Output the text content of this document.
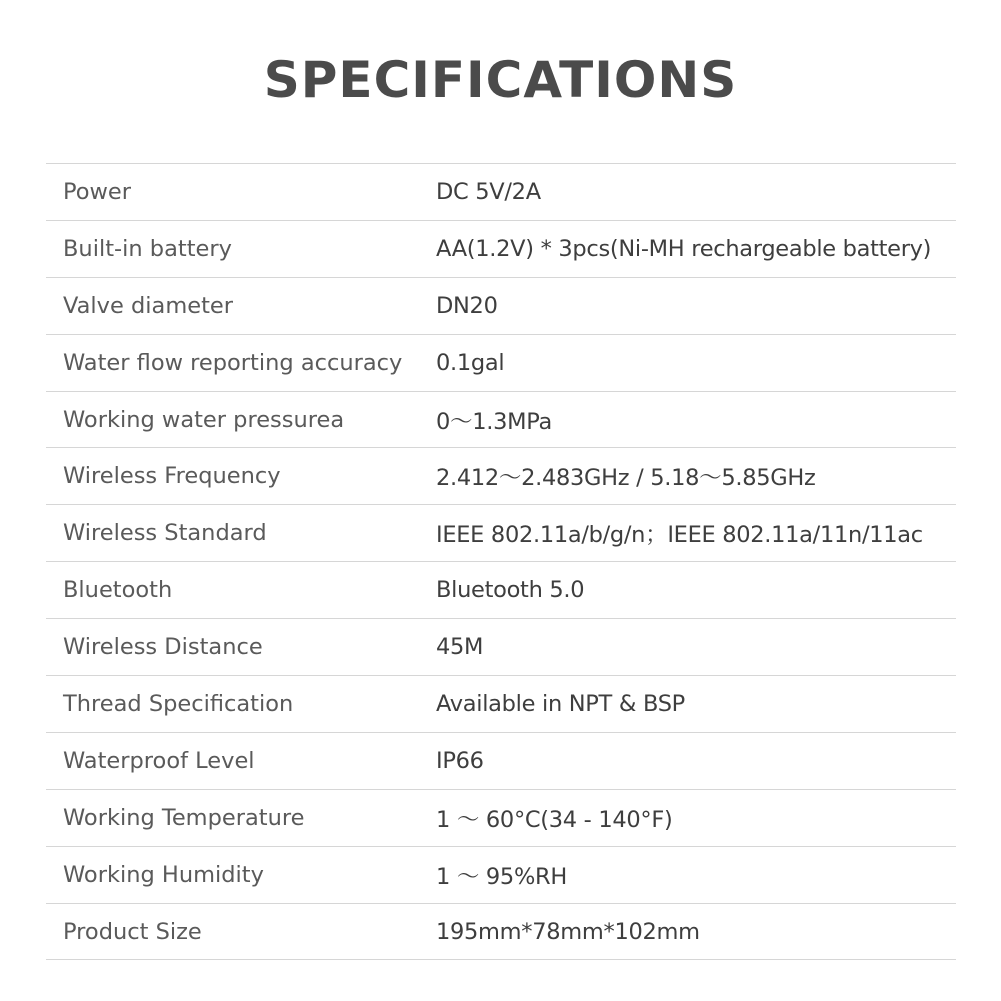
SPECIFICATIONS
Power	DC 5V/2A
Built-in battery	AA(1.2V) * 3pcs(Ni-MH rechargeable battery)
Valve diameter	DN20
Water flow reporting accuracy	0.1gal
Working water pressurea	0～1.3MPa
Wireless Frequency	2.412～2.483GHz / 5.18～5.85GHz
Wireless Standard	IEEE 802.11a/b/g/n；IEEE 802.11a/11n/11ac
Bluetooth	Bluetooth 5.0
Wireless Distance	45M
Thread Specification	Available in NPT & BSP
Waterproof Level	IP66
Working Temperature	1 ～ 60°C(34 - 140°F)
Working Humidity	1 ～ 95%RH
Product Size	195mm*78mm*102mm
